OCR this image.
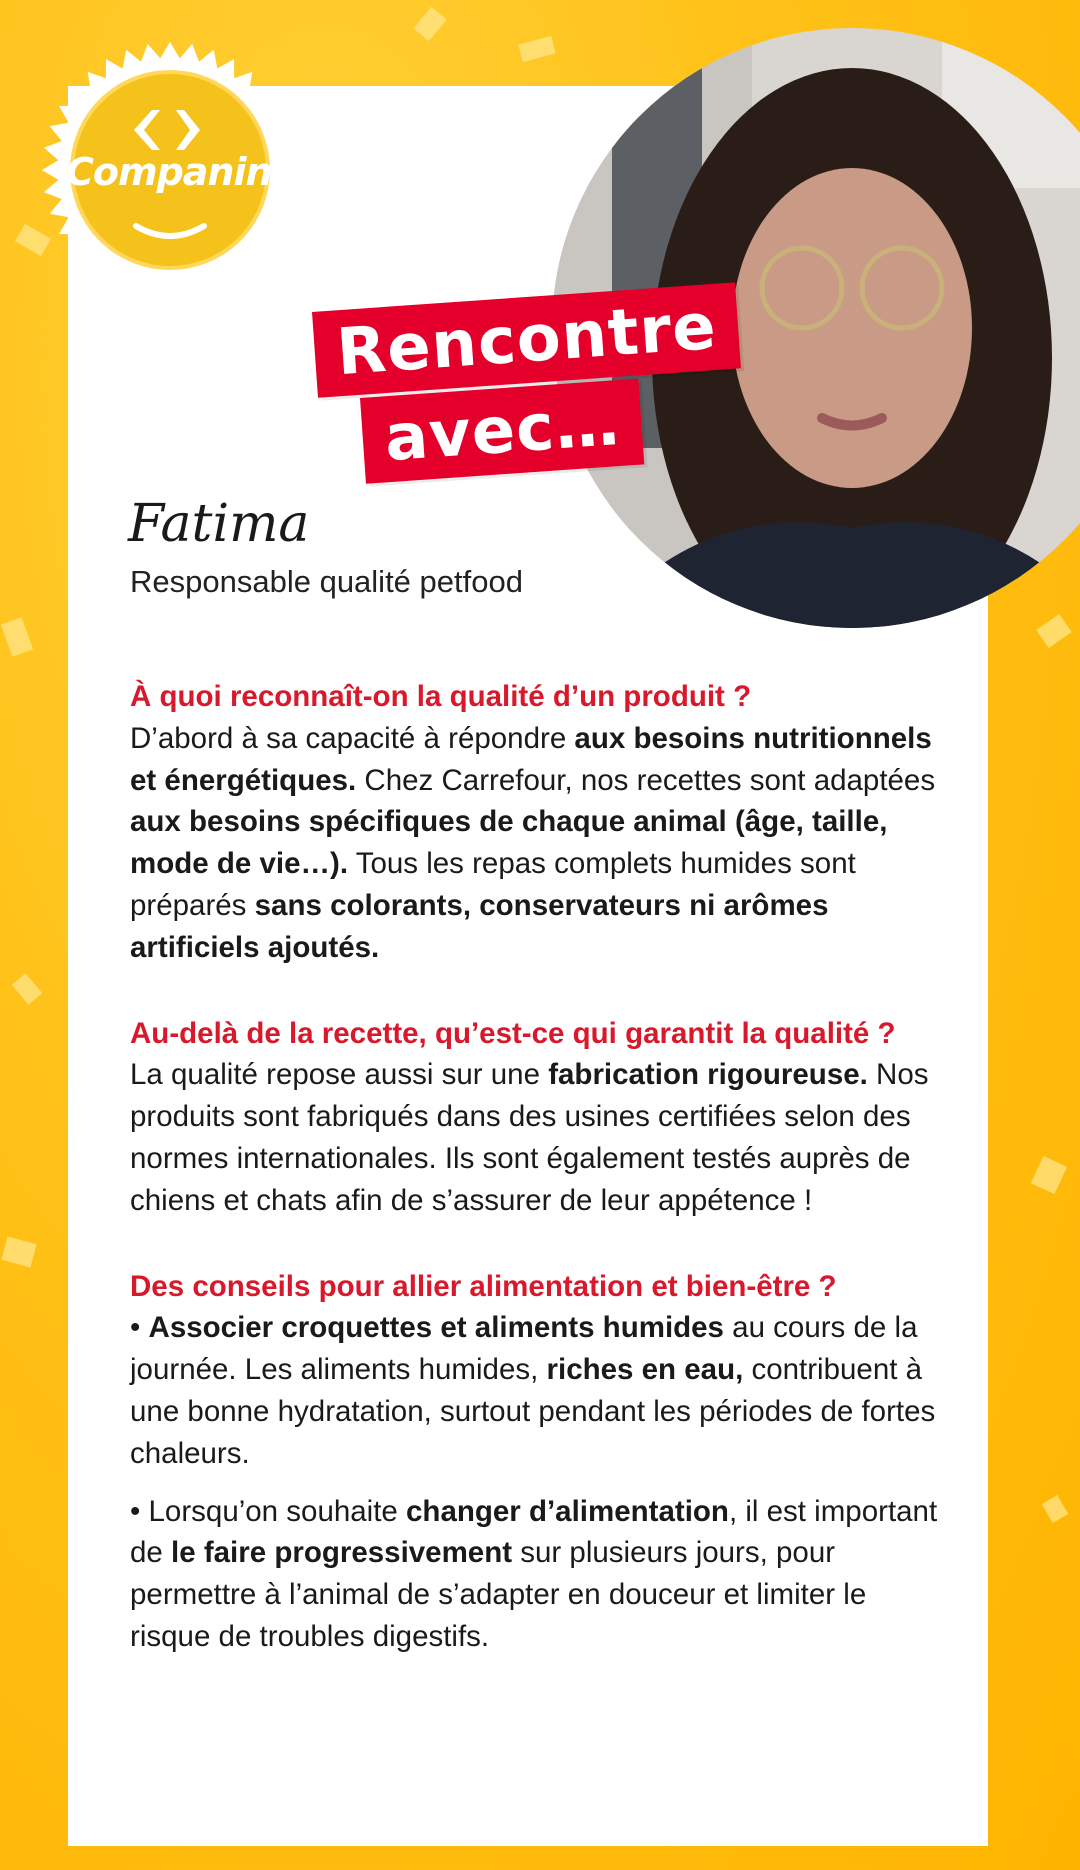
Companino
Rencontre
avec…
Fatima
Responsable qualité petfood

À quoi reconnaît-on la qualité d’un produit ?

D’abord à sa capacité à répondre aux besoins nutritionnels et énergétiques. Chez Carrefour, nos recettes sont adaptées aux besoins spécifiques de chaque animal (âge, taille, mode de vie…). Tous les repas complets humides sont préparés sans colorants, conservateurs ni arômes artificiels ajoutés.

Au-delà de la recette, qu’est-ce qui garantit la qualité ?

La qualité repose aussi sur une fabrication rigoureuse. Nos produits sont fabriqués dans des usines certifiées selon des normes internationales. Ils sont également testés auprès de chiens et chats afin de s’assurer de leur appétence !

Des conseils pour allier alimentation et bien-être ?

• Associer croquettes et aliments humides au cours de la journée. Les aliments humides, riches en eau, contribuent à une bonne hydratation, surtout pendant les périodes de fortes chaleurs.

• Lorsqu’on souhaite changer d’alimentation, il est important de le faire progressivement sur plusieurs jours, pour permettre à l’animal de s’adapter en douceur et limiter le risque de troubles digestifs.
